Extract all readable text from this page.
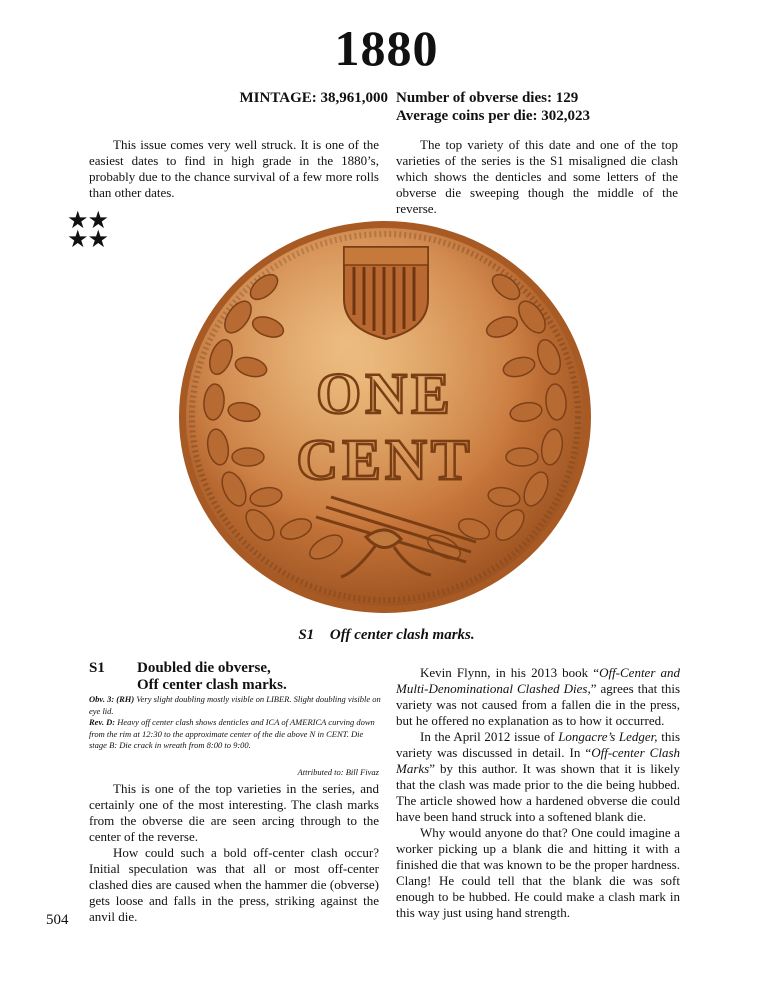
1880
MINTAGE: 38,961,000 Number of obverse dies: 129
Average coins per die: 302,023

This issue comes very well struck. It is one of the easiest dates to find in high grade in the 1880’s, probably due to the chance survival of a few more rolls than other dates.

The top variety of this date and one of the top varieties of the series is the S1 misaligned die clash which shows the denticles and some letters of the obverse die sweeping though the middle of the reverse.

★★
★★
ONE
CENT
S1 Off center clash marks.
S1 Doubled die obverse,
Off center clash marks.

Obv. 3: (RH) Very slight doubling mostly visible on LIBER. Slight doubling visible on eye lid.

Rev. D: Heavy off center clash shows denticles and ICA of AMERICA curving down from the rim at 12:30 to the approximate center of the die above N in CENT. Die stage B: Die crack in wreath from 8:00 to 9:00.

Attributed to: Bill Fivaz

This is one of the top varieties in the series, and certainly one of the most interesting. The clash marks from the obverse die are seen arcing through to the center of the reverse.

How could such a bold off-center clash occur? Initial speculation was that all or most off-center clashed dies are caused when the hammer die (obverse) gets loose and falls in the press, striking against the anvil die.

Kevin Flynn, in his 2013 book “Off-Center and Multi-Denominational Clashed Dies,” agrees that this variety was not caused from a fallen die in the press, but he offered no explanation as to how it occurred.

In the April 2012 issue of Longacre’s Ledger, this variety was discussed in detail. In “Off-center Clash Marks” by this author. It was shown that it is likely that the clash was made prior to the die being hubbed. The article showed how a hardened obverse die could have been hand struck into a softened blank die.

Why would anyone do that? One could imagine a worker picking up a blank die and hitting it with a finished die that was known to be the proper hardness. Clang! He could tell that the blank die was soft enough to be hubbed. He could make a clash mark in this way just using hand strength.

504
